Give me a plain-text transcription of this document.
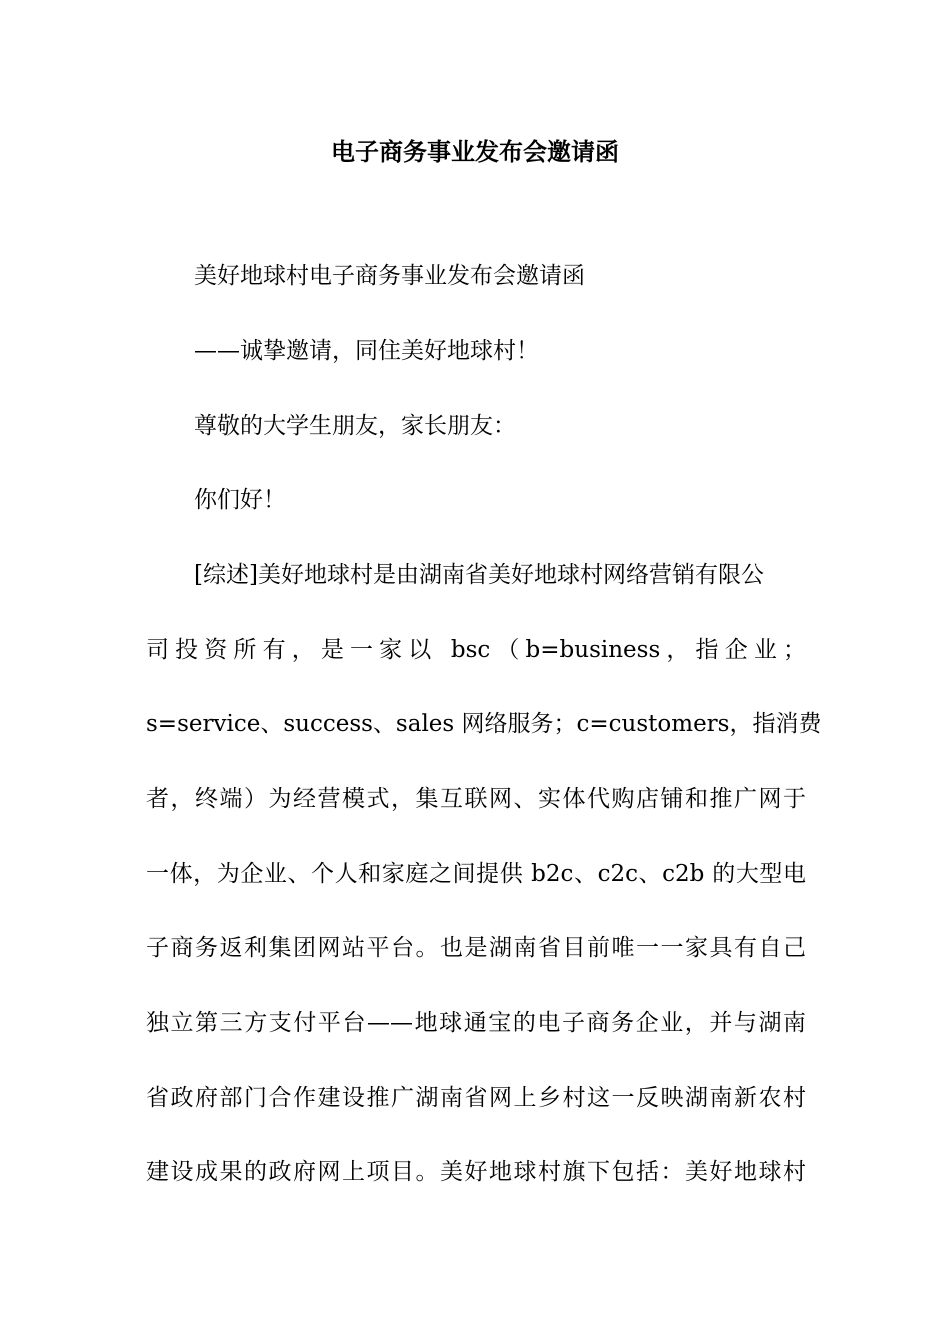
电子商务事业发布会邀请函
美好地球村电子商务事业发布会邀请函
——诚挚邀请，同住美好地球村！
尊敬的大学生朋友，家长朋友：
你们好！
[综述]美好地球村是由湖南省美好地球村网络营销有限公
司投资所有，是一家以 bsc（b=business，指企业；
s=service、success、sales 网络服务；c=customers，指消费
者，终端）为经营模式，集互联网、实体代购店铺和推广网于
一体，为企业、个人和家庭之间提供 b2c、c2c、c2b 的大型电
子商务返利集团网站平台。也是湖南省目前唯一一家具有自己
独立第三方支付平台——地球通宝的电子商务企业，并与湖南
省政府部门合作建设推广湖南省网上乡村这一反映湖南新农村
建设成果的政府网上项目。美好地球村旗下包括：美好地球村
